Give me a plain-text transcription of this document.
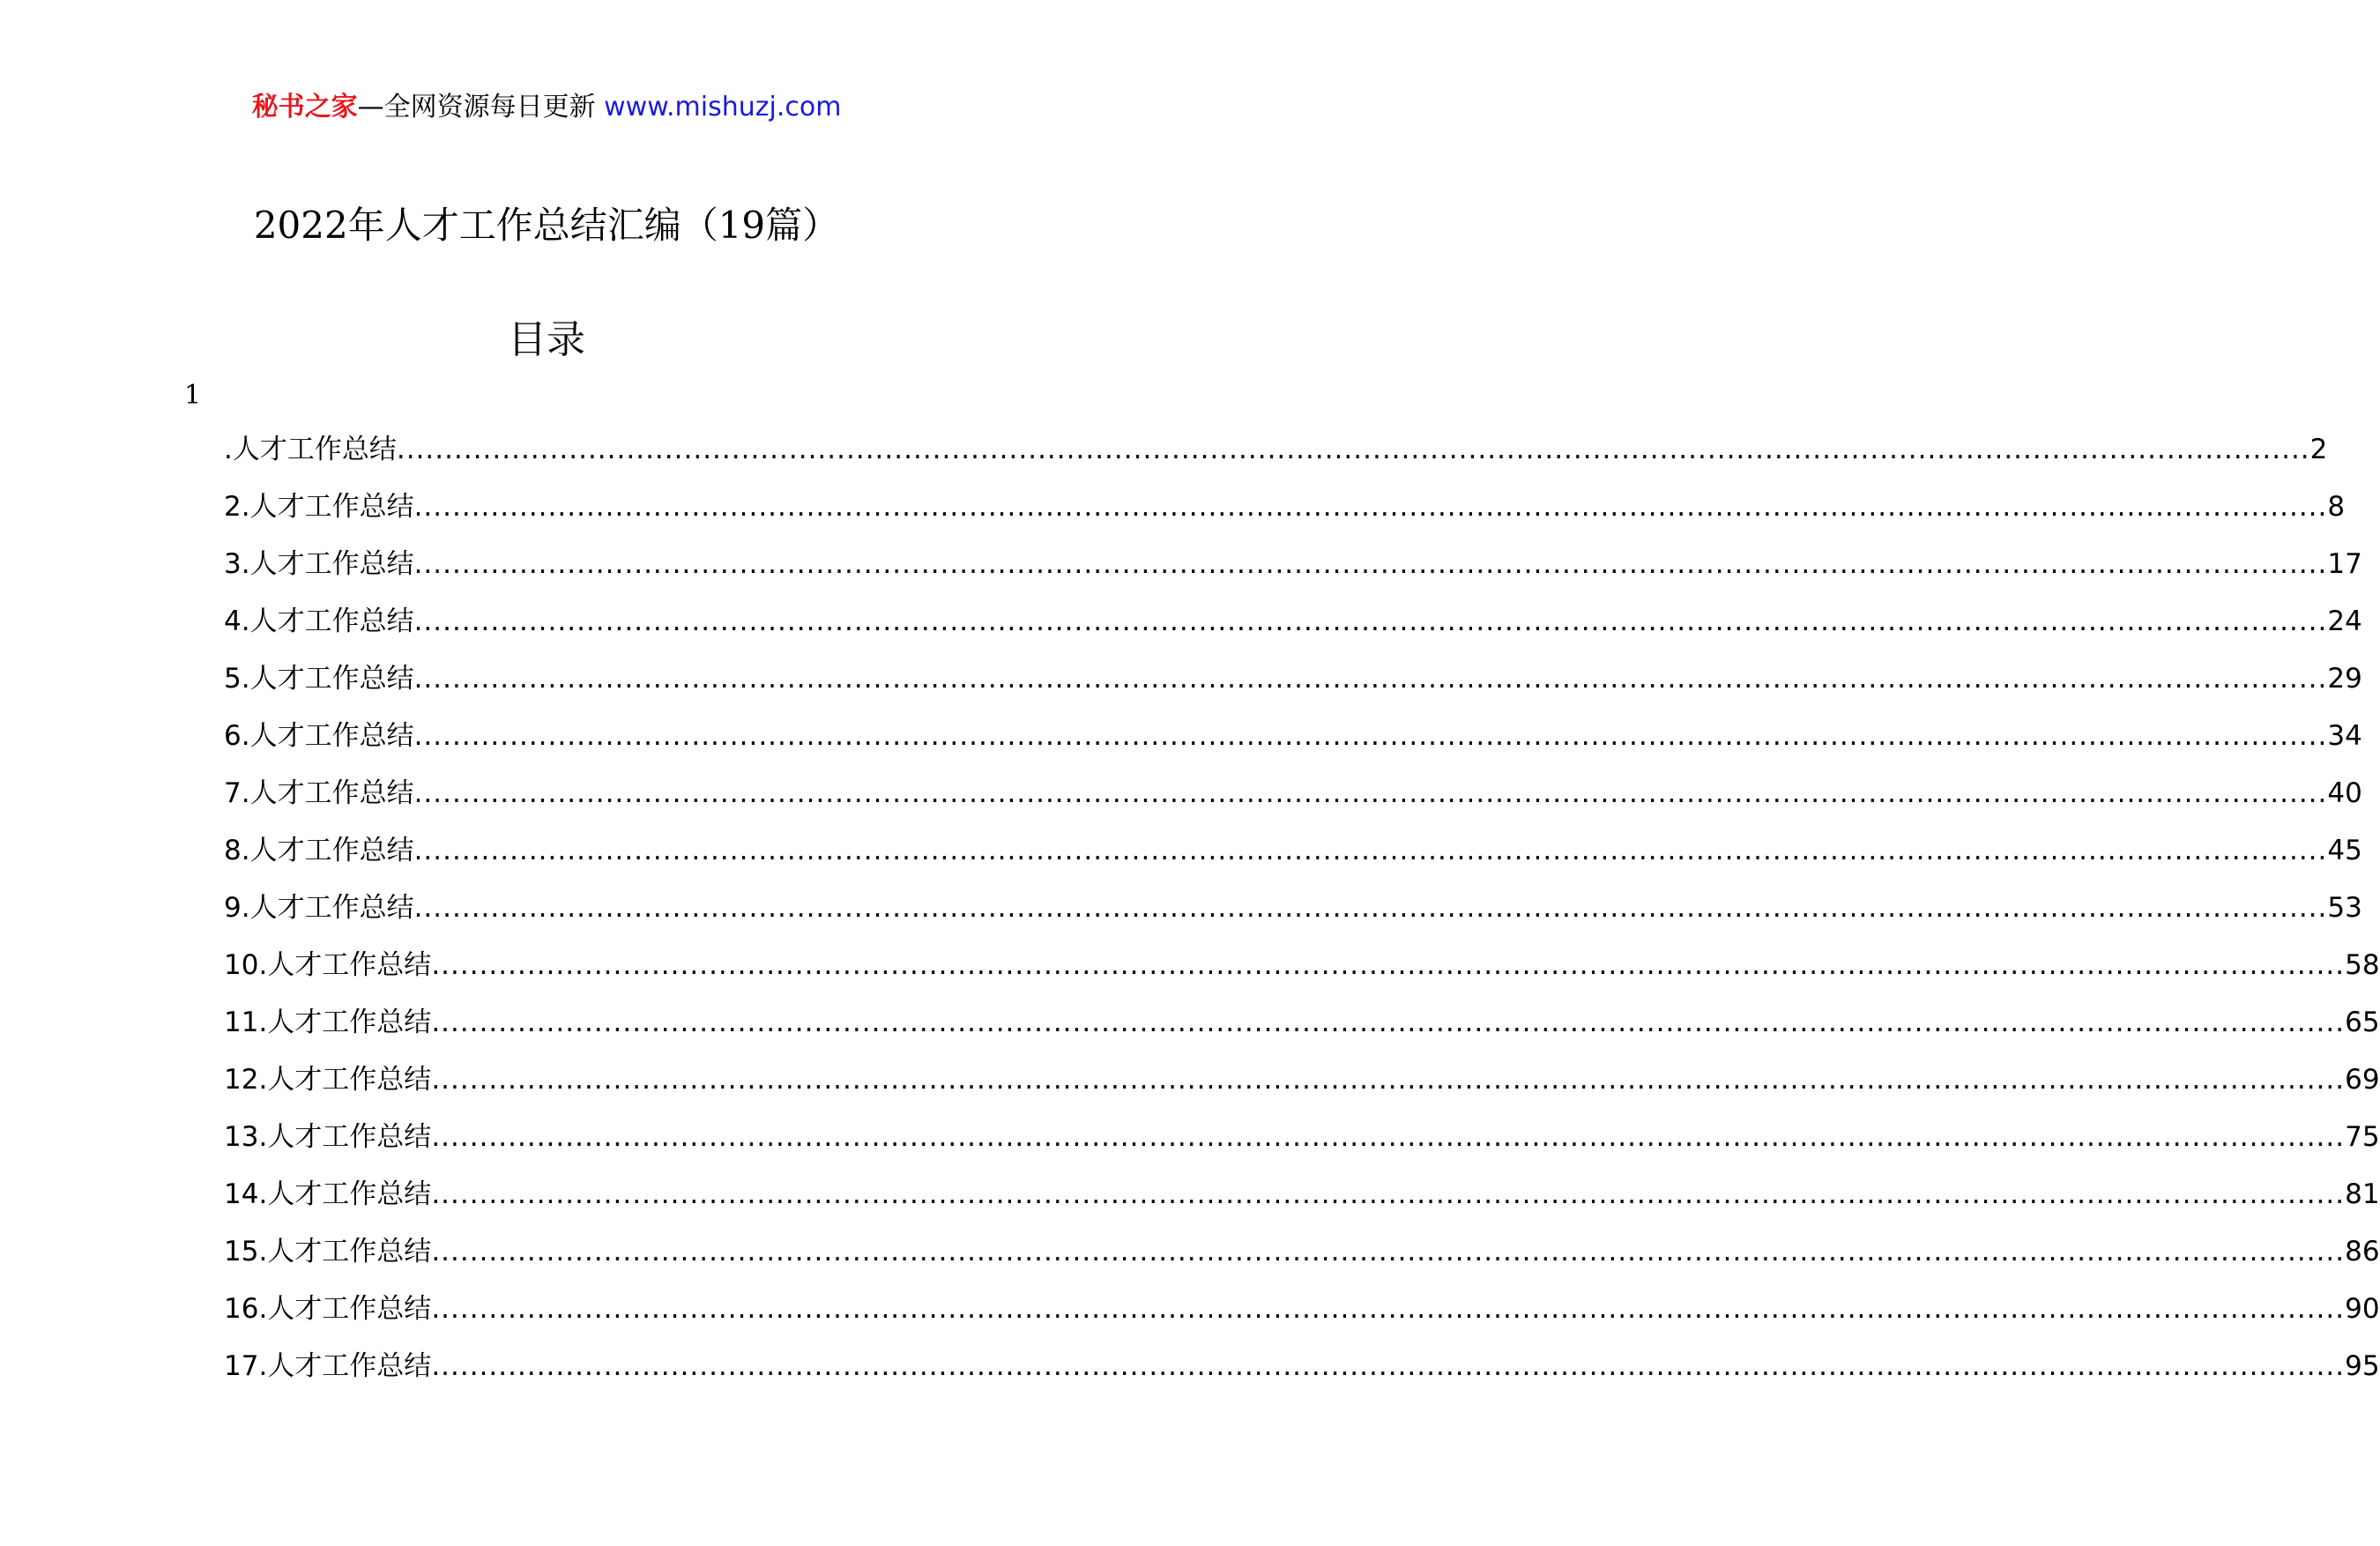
秘书之家—全网资源每日更新 www.mishuzj.com
2022年人才工作总结汇编（19篇）
目录
1
.人才工作总结 ........................................................................................................................................................................................................ 2
2.人才工作总结 ........................................................................................................................................................................................................ 8
3.人才工作总结 ........................................................................................................................................................................................................ 17
4.人才工作总结 ........................................................................................................................................................................................................ 24
5.人才工作总结 ........................................................................................................................................................................................................ 29
6.人才工作总结 ........................................................................................................................................................................................................ 34
7.人才工作总结 ........................................................................................................................................................................................................ 40
8.人才工作总结 ........................................................................................................................................................................................................ 45
9.人才工作总结 ........................................................................................................................................................................................................ 53
10.人才工作总结 ........................................................................................................................................................................................................ 58
11.人才工作总结 ........................................................................................................................................................................................................ 65
12.人才工作总结 ........................................................................................................................................................................................................ 69
13.人才工作总结 ........................................................................................................................................................................................................ 75
14.人才工作总结 ........................................................................................................................................................................................................ 81
15.人才工作总结 ........................................................................................................................................................................................................ 86
16.人才工作总结 ........................................................................................................................................................................................................ 90
17.人才工作总结 ........................................................................................................................................................................................................ 95
